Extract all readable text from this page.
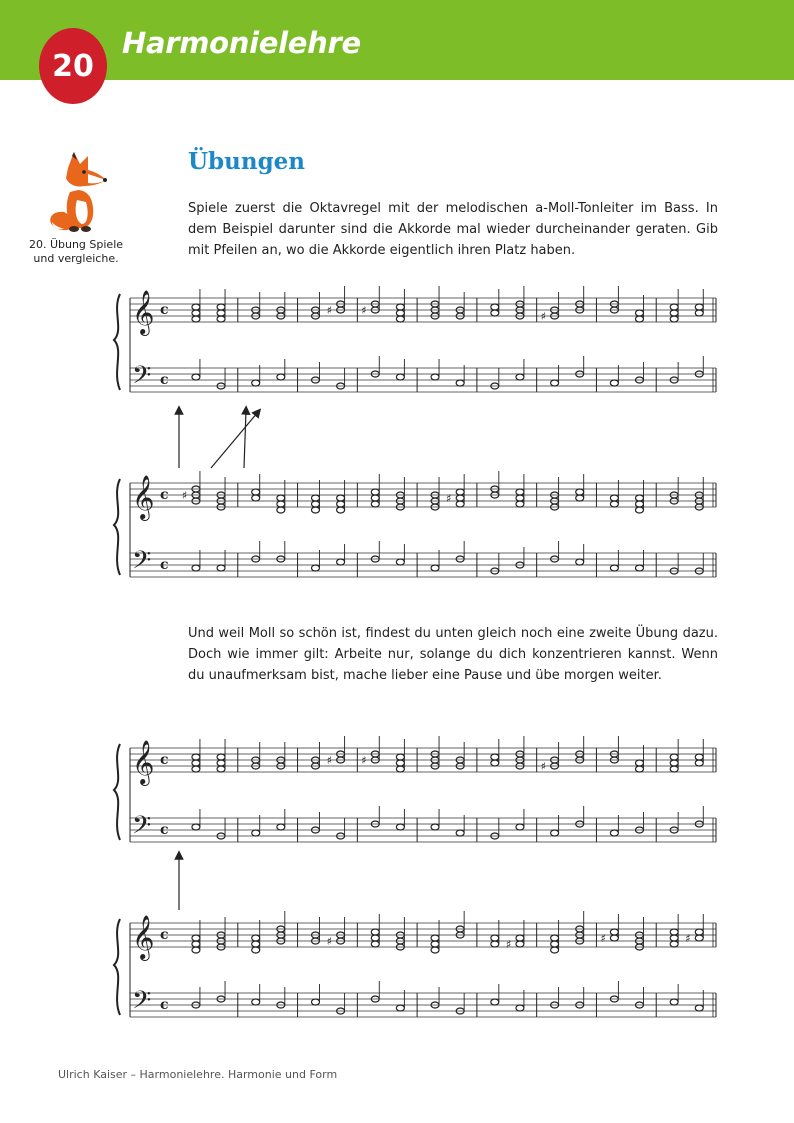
20
Harmonielehre
20. Übung Spiele und vergleiche.
Übungen
Spiele zuerst die Oktavregel mit der melodischen a-Moll-Tonleiter im Bass. In dem Beispiel darunter sind die Akkorde mal wieder durcheinander geraten. Gib mit Pfeilen an, wo die Akkorde eigentlich ihren Platz haben.
Und weil Moll so schön ist, findest du unten gleich noch eine zweite Übung dazu. Doch wie immer gilt: Arbeite nur, solange du dich konzentrieren kannst. Wenn du unaufmerksam bist, mache lieber eine Pause und übe morgen weiter.
𝄞
𝄢
c
c
♯	♯	♯
𝄞
𝄢
c
c
♯	♯
𝄞
𝄢
c
c
♯	♯	♯
𝄞
𝄢
c
c
♯	♯	♯	♯
Ulrich Kaiser – Harmonielehre. Harmonie und Form
